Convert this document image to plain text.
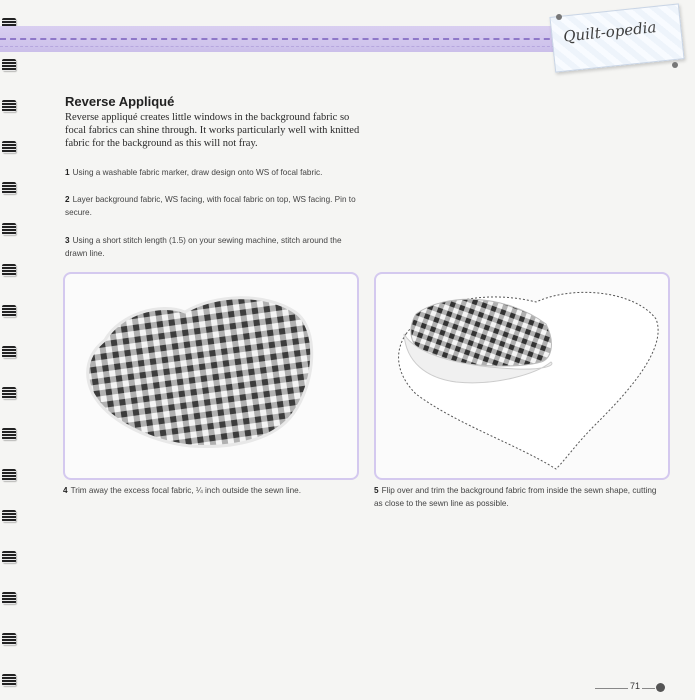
Quilt-opedia
Reverse Appliqué

Reverse appliqué creates little windows in the background fabric so focal fabrics can shine through. It works particularly well with knitted fabric for the background as this will not fray.

1 Using a washable fabric marker, draw design onto WS of focal fabric.

2 Layer background fabric, WS facing, with focal fabric on top, WS facing. Pin to secure.

3 Using a short stitch length (1.5) on your sewing machine, stitch around the drawn line.

4 Trim away the excess focal fabric, ¼ inch outside the sewn line.	5 Flip over and trim the background fabric from inside the sewn shape, cutting as close to the sewn line as possible.

71
